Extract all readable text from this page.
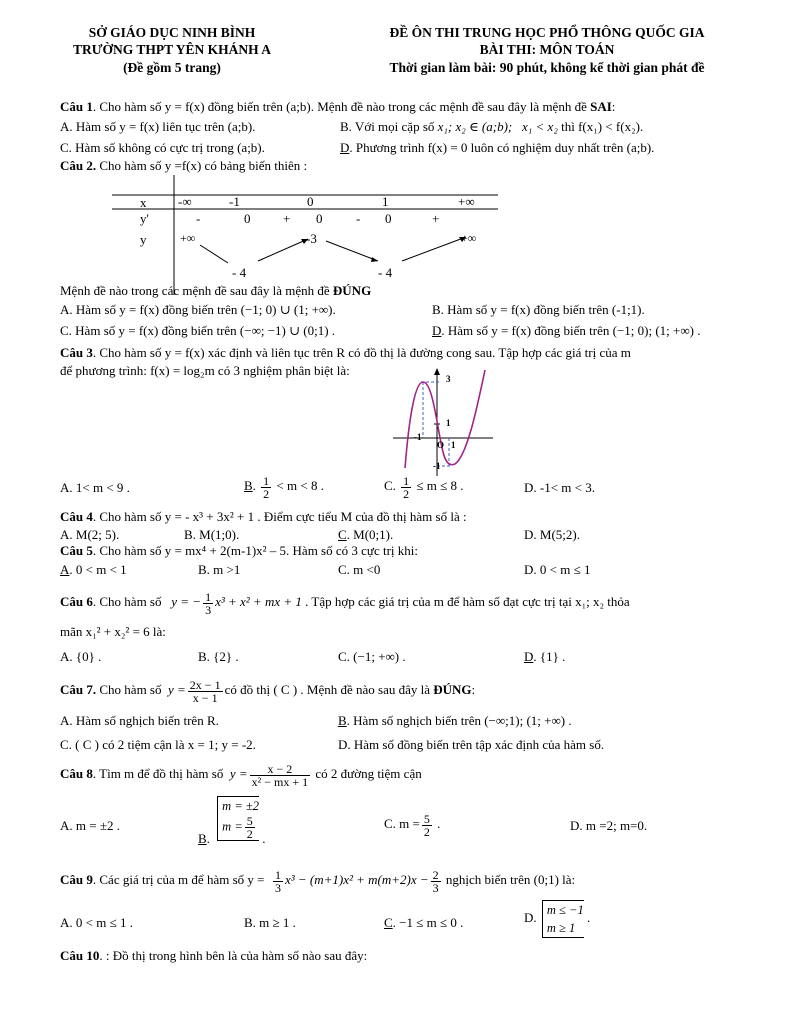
SỞ GIÁO DỤC NINH BÌNH
TRƯỜNG THPT YÊN KHÁNH A
(Đề gồm 5 trang)
ĐỀ ÔN THI TRUNG HỌC PHỔ THÔNG QUỐC GIA
BÀI THI: MÔN TOÁN
Thời gian làm bài: 90 phút, không kể thời gian phát đề
Câu 1. Cho hàm số y = f(x) đồng biến trên (a;b). Mệnh đề nào trong các mệnh đề sau đây là mệnh đề SAI:
A. Hàm số y = f(x) liên tục trên (a;b).	B. Với mọi cặp số x₁; x₂ ∈ (a;b); x₁ < x₂ thì f(x₁) < f(x₂).
C. Hàm số không có cực trị trong (a;b).	D. Phương trình f(x) = 0 luôn có nghiệm duy nhất trên (a;b).
Câu 2. Cho hàm số y =f(x) có bảng biến thiên :
x -∞	-1	0	1	+∞
y'	-	0	+ 0	- 0	+
y	+∞	-3	+∞
- 4	- 4
Mệnh đề nào trong các mệnh đề sau đây là mệnh đề ĐÚNG
A. Hàm số y = f(x) đồng biến trên (−1; 0) ∪ (1; +∞).	B. Hàm số y = f(x) đồng biến trên (-1;1).
C. Hàm số y = f(x) đồng biến trên (−∞; −1) ∪ (0;1) .	D. Hàm số y = f(x) đồng biến trên (−1; 0); (1; +∞) .
Câu 3. Cho hàm số y = f(x) xác định và liên tục trên R có đồ thị là đường cong sau. Tập hợp các giá trị của m
để phương trình: f(x) = log₂m có 3 nghiệm phân biệt là:
3
1
-1
O 1
-1
A. 1< m < 9 .	B. $\frac{1}{2} < m < 8$ .	C. $\frac{1}{2} \le m \le 8$ .	D. -1< m < 3.
Câu 4. Cho hàm số y = - x³ + 3x² + 1 . Điểm cực tiểu M của đồ thị hàm số là :
A. M(2; 5).	B. M(1;0).	C. M(0;1).	D. M(5;2).
Câu 5. Cho hàm số y = mx⁴ + 2(m-1)x² – 5. Hàm số có 3 cực trị khi:
A. 0 < m < 1	B. m >1	C. m <0	D. 0 < m ≤ 1
Câu 6. Cho hàm số y = − $\frac{1}{3} x^3 + x^2$ + mx + 1 . Tập hợp các giá trị của m để hàm số đạt cực trị tại x₁; x₂ thỏa
mãn x₁² + x₂² = 6 là:
A. {0} .	B. {2} .	C. (−1; +∞) .	D. {1} .
Câu 7. Cho hàm số $y = \frac{2x - 1}{x - 1}$ có đồ thị ( C ) . Mệnh đề nào sau đây là ĐÚNG:
A. Hàm số nghịch biến trên R.	B. Hàm số nghịch biến trên (−∞;1); (1; +∞) .
C. ( C ) có 2 tiệm cận là x = 1; y = -2.	D. Hàm số đồng biến trên tập xác định của hàm số.
Câu 8. Tìm m để đồ thị hàm số $y = \frac{x - 2}{\text{x² − mx + 1}}$ có 2 đường tiệm cận
A. m = ±2 .
B. m = ±2
$m = \frac{5}{2}$ .
C. $m = \frac{5}{2}$ .	D. m =2; m=0.
Câu 9. Các giá trị của m để hàm số $y = \frac{1}{3} x^3 - (m+1)x^2 + m(m+2)x - \frac{2}{3}$ nghịch biến trên (0;1) là:
A. 0 < m ≤ 1 .	B. m ≥ 1 .	C. −1 ≤ m ≤ 0 .	D. m ≤ −1
m ≥ 1 .
Câu 10. : Đồ thị trong hình bên là của hàm số nào sau đây:
